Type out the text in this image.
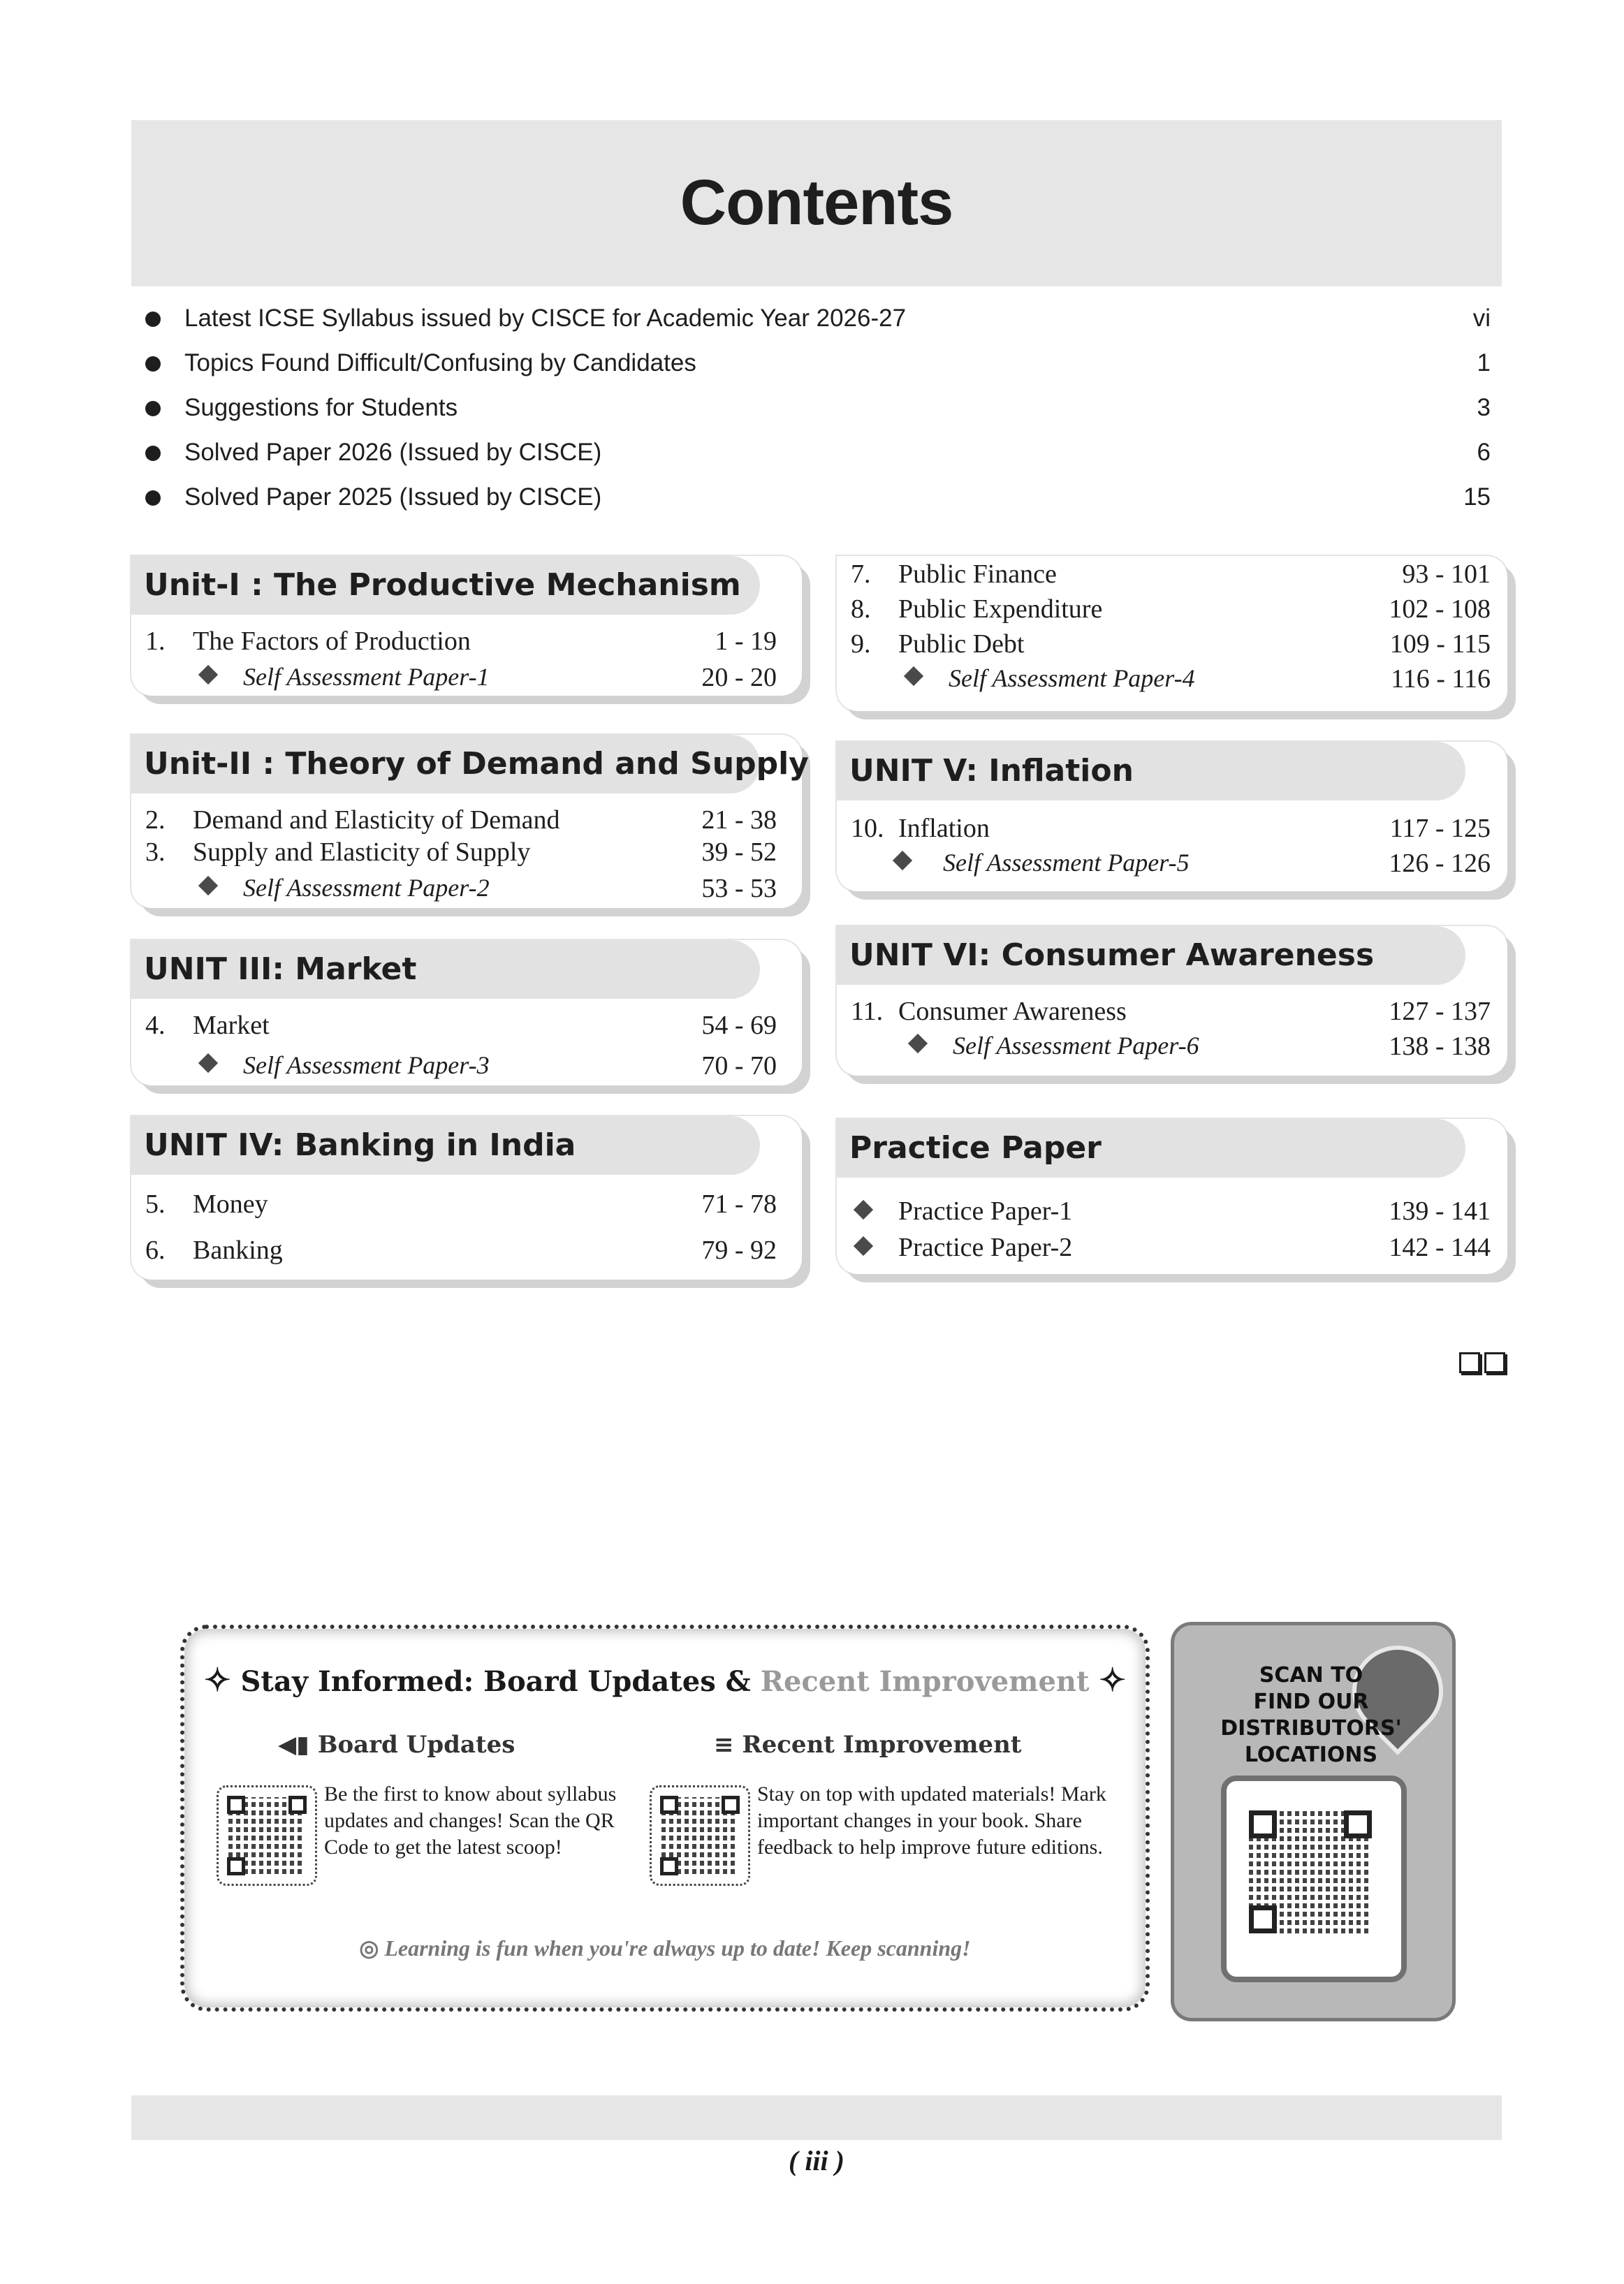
Contents
Latest ICSE Syllabus issued by CISCE for Academic Year 2026-27	vi
Topics Found Difficult/Confusing by Candidates	1
Suggestions for Students	3
Solved Paper 2026 (Issued by CISCE)	6
Solved Paper 2025 (Issued by CISCE)	15
Unit-I : The Productive Mechanism
1. The Factors of Production	1 - 19
Self Assessment Paper-1	20 - 20
Unit-II : Theory of Demand and Supply
2. Demand and Elasticity of Demand	21 - 38
3. Supply and Elasticity of Supply	39 - 52
Self Assessment Paper-2	53 - 53
UNIT III: Market
4. Market	54 - 69
Self Assessment Paper-3	70 - 70
UNIT IV: Banking in India
5. Money	71 - 78
6. Banking	79 - 92
7. Public Finance	93 - 101
8. Public Expenditure	102 - 108
9. Public Debt	109 - 115
Self Assessment Paper-4	116 - 116
UNIT V: Inflation
10. Inflation	117 - 125
Self Assessment Paper-5	126 - 126
UNIT VI: Consumer Awareness
11. Consumer Awareness	127 - 137
Self Assessment Paper-6	138 - 138
Practice Paper
Practice Paper-1	139 - 141
Practice Paper-2	142 - 144
✧ Stay Informed: Board Updates & Recent Improvement ✧
◀▮ Board Updates
Be the first to know about syllabus updates and changes! Scan the QR Code to get the latest scoop!
≡ Recent Improvement
Stay on top with updated materials! Mark important changes in your book. Share feedback to help improve future editions.
◎ Learning is fun when you're always up to date! Keep scanning!
SCAN TO
FIND OUR
DISTRIBUTORS'
LOCATIONS
( iii )
